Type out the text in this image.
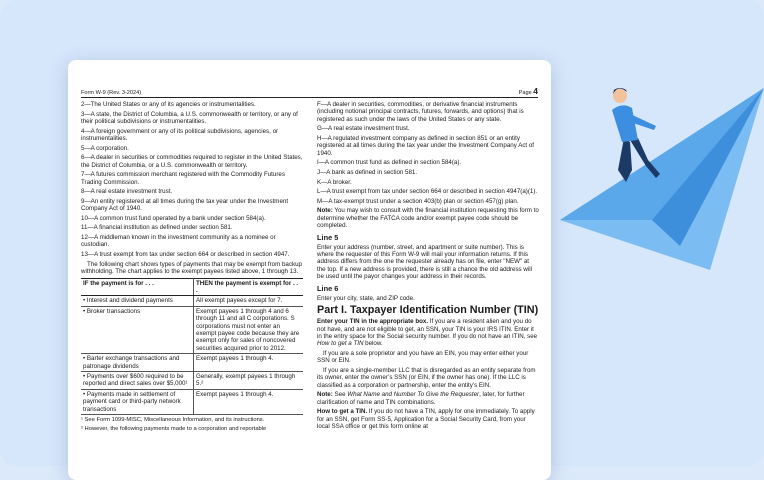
Form W-9 (Rev. 3-2024)	Page 4

2—The United States or any of its agencies or instrumentalities.

3—A state, the District of Columbia, a U.S. commonwealth or territory, or any of their political subdivisions or instrumentalities.

4—A foreign government or any of its political subdivisions, agencies, or instrumentalities.

5—A corporation.

6—A dealer in securities or commodities required to register in the United States, the District of Columbia, or a U.S. commonwealth or territory.

7—A futures commission merchant registered with the Commodity Futures Trading Commission.

8—A real estate investment trust.

9—An entity registered at all times during the tax year under the Investment Company Act of 1940.

10—A common trust fund operated by a bank under section 584(a).

11—A financial institution as defined under section 581.

12—A middleman known in the investment community as a nominee or custodian.

13—A trust exempt from tax under section 664 or described in section 4947.

The following chart shows types of payments that may be exempt from backup withholding. The chart applies to the exempt payees listed above, 1 through 13.

IF the payment is for . . .	THEN the payment is exempt for . . .
• Interest and dividend payments	All exempt payees except for 7.
• Broker transactions	Exempt payees 1 through 4 and 6 through 11 and all C corporations. S corporations must not enter an exempt payee code because they are exempt only for sales of noncovered securities acquired prior to 2012.
• Barter exchange transactions and patronage dividends	Exempt payees 1 through 4.
• Payments over $600 required to be reported and direct sales over $5,000¹	Generally, exempt payees 1 through 5.²
• Payments made in settlement of payment card or third-party network transactions	Exempt payees 1 through 4.

¹ See Form 1099-MISC, Miscellaneous Information, and its instructions.

² However, the following payments made to a corporation and reportable

F—A dealer in securities, commodities, or derivative financial instruments (including notional principal contracts, futures, forwards, and options) that is registered as such under the laws of the United States or any state.

G—A real estate investment trust.

H—A regulated investment company as defined in section 851 or an entity registered at all times during the tax year under the Investment Company Act of 1940.

I—A common trust fund as defined in section 584(a).

J—A bank as defined in section 581.

K—A broker.

L—A trust exempt from tax under section 664 or described in section 4947(a)(1).

M—A tax-exempt trust under a section 403(b) plan or section 457(g) plan.

Note: You may wish to consult with the financial institution requesting this form to determine whether the FATCA code and/or exempt payee code should be completed.

Line 5

Enter your address (number, street, and apartment or suite number). This is where the requester of this Form W-9 will mail your information returns. If this address differs from the one the requester already has on file, enter "NEW" at the top. If a new address is provided, there is still a chance the old address will be used until the payor changes your address in their records.

Line 6

Enter your city, state, and ZIP code.

Part I. Taxpayer Identification Number (TIN)

Enter your TIN in the appropriate box. If you are a resident alien and you do not have, and are not eligible to get, an SSN, your TIN is your IRS ITIN. Enter it in the entry space for the Social security number. If you do not have an ITIN, see How to get a TIN below.

If you are a sole proprietor and you have an EIN, you may enter either your SSN or EIN.

If you are a single-member LLC that is disregarded as an entity separate from its owner, enter the owner’s SSN (or EIN, if the owner has one). If the LLC is classified as a corporation or partnership, enter the entity’s EIN.

Note: See What Name and Number To Give the Requester, later, for further clarification of name and TIN combinations.

How to get a TIN. If you do not have a TIN, apply for one immediately. To apply for an SSN, get Form SS-5, Application for a Social Security Card, from your local SSA office or get this form online at
